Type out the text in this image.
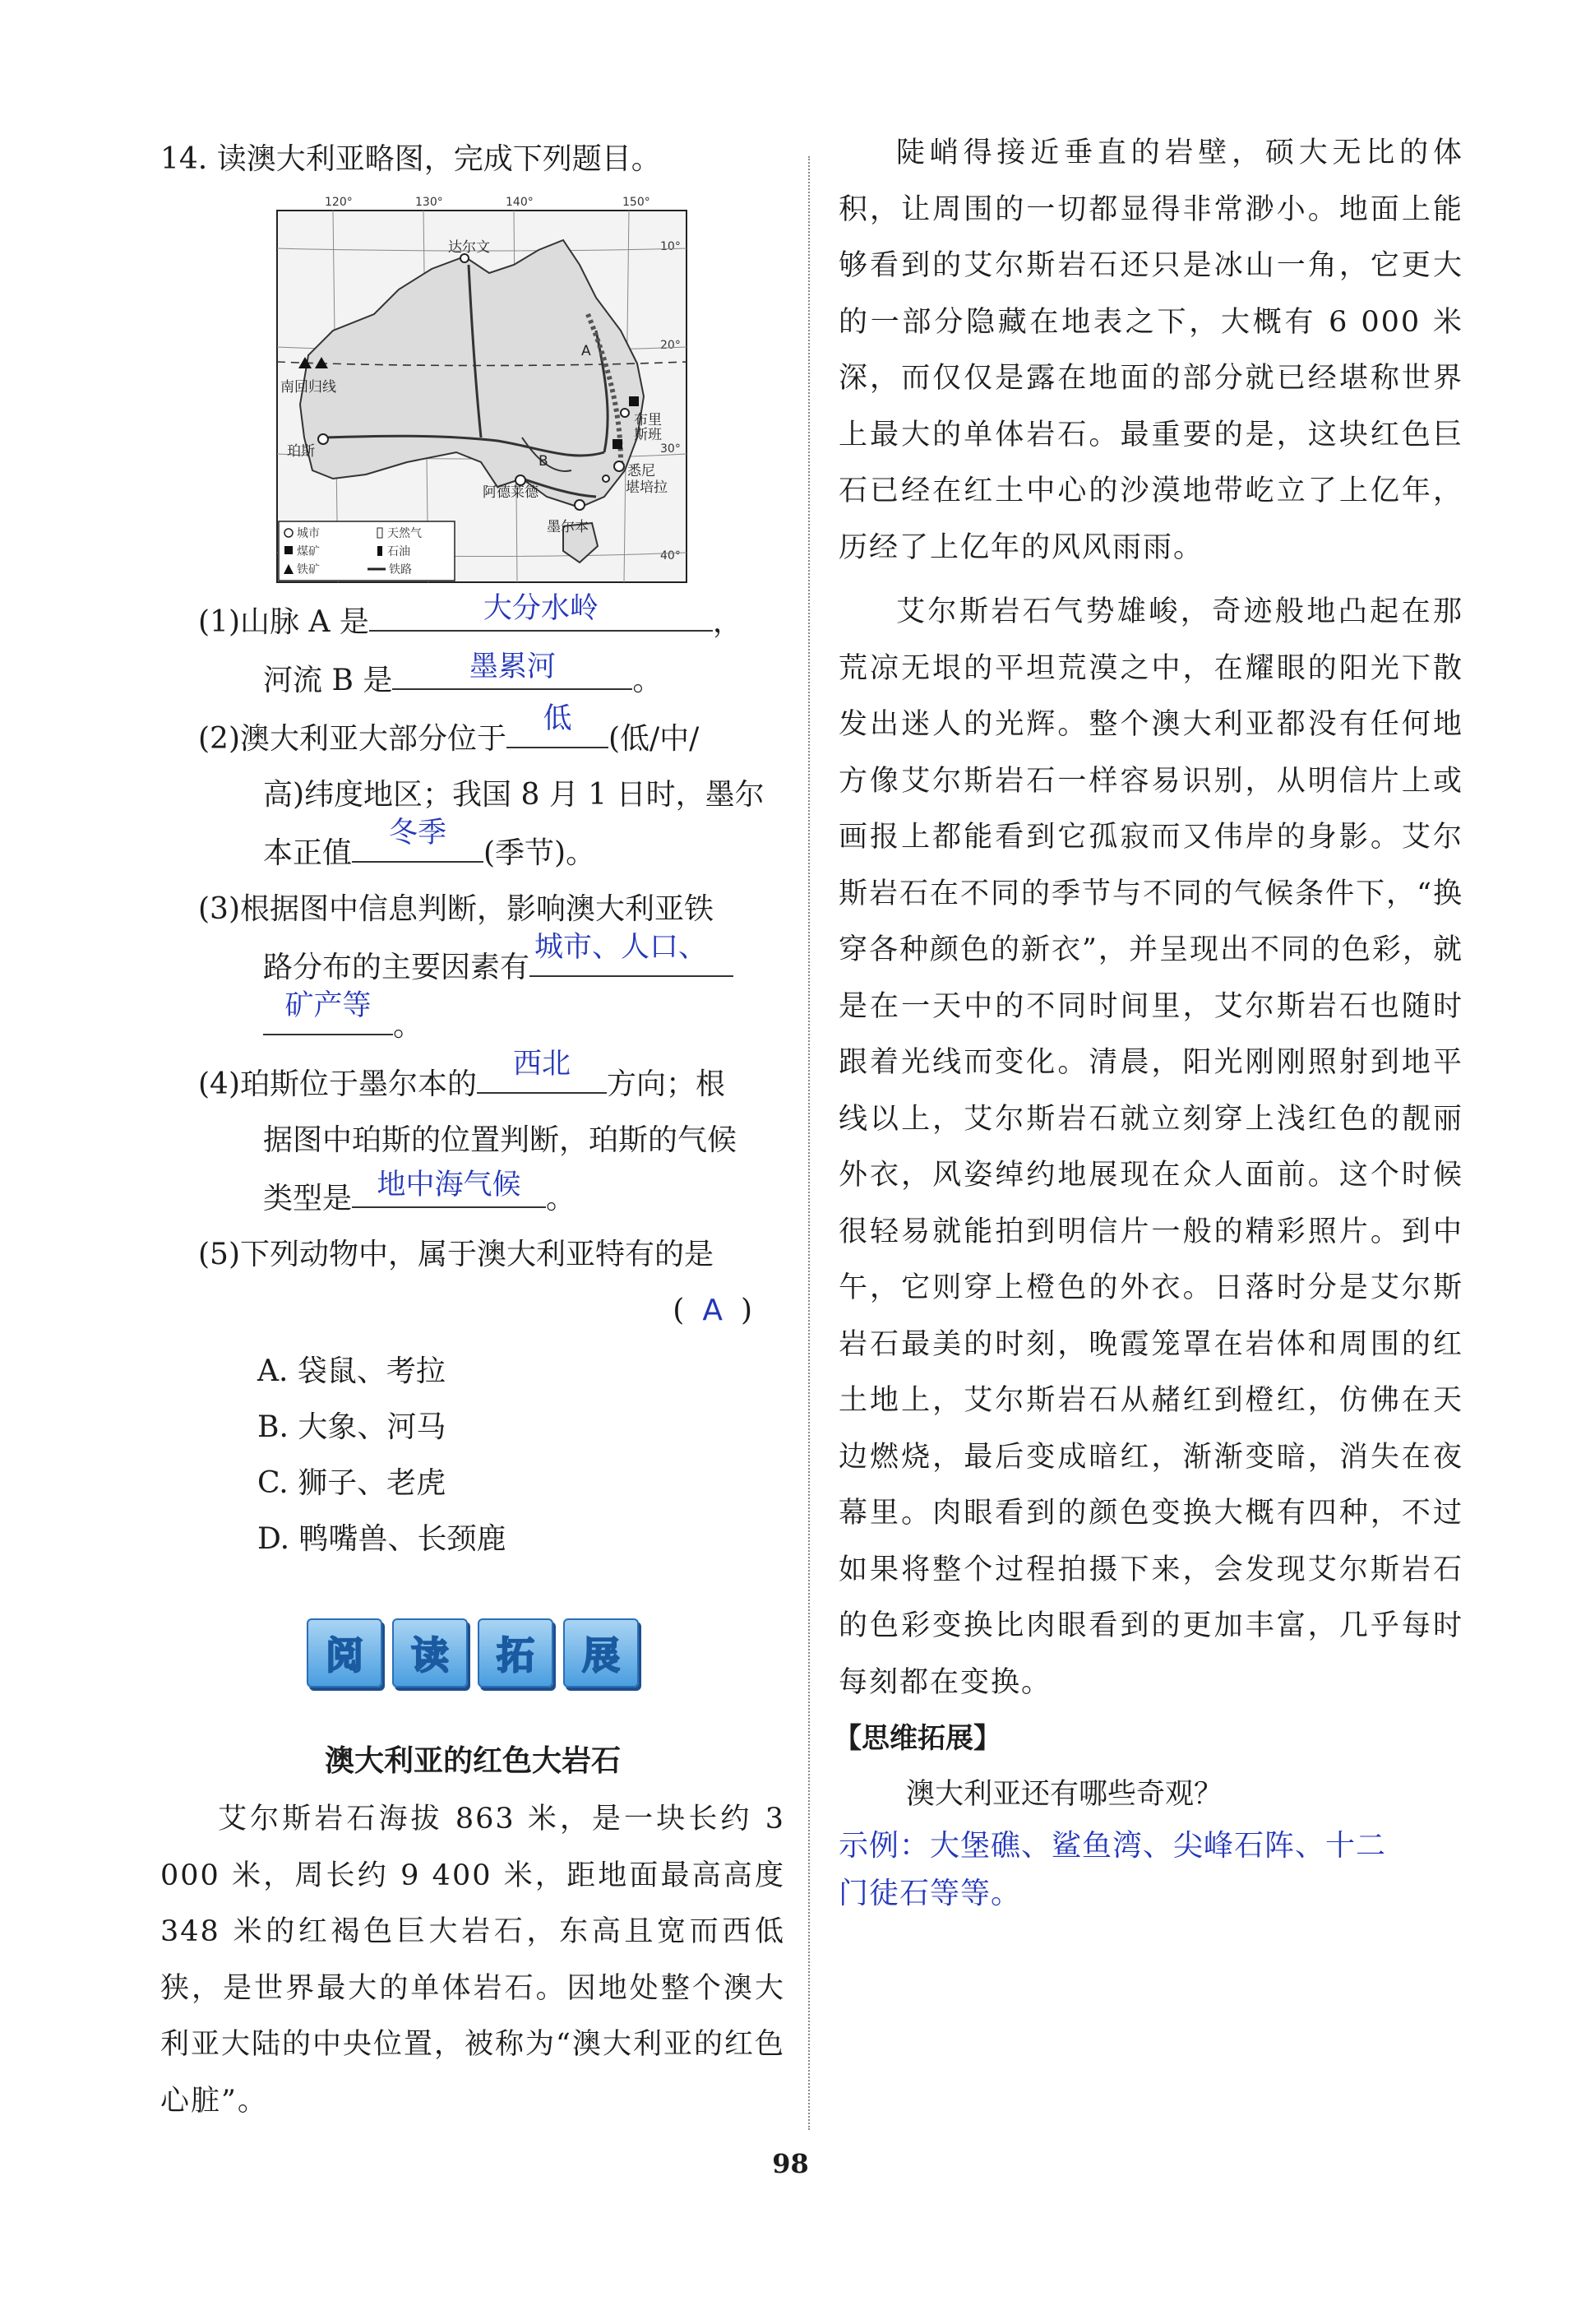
14. 读澳大利亚略图，完成下列题目。
120°	130°	140°	150°
10°
20°
30°
40°
达尔文
南回归线
珀斯
阿德莱德
墨尔本
布里
斯班
悉尼
堪培拉
A
B
城市	天然气
煤矿	石油
铁矿	铁路
(1)山脉 A 是	大分水岭	，
河流 B 是	墨累河	。
(2)澳大利亚大部分位于
低
(低/中/
高)纬度地区；我国 8 月 1 日时，墨尔
本正值
冬季
(季节)。
(3)根据图中信息判断，影响澳大利亚铁
路分布的主要因素有
城市、人口、
矿产等
。
(4)珀斯位于墨尔本的
西北
方向；根
据图中珀斯的位置判断，珀斯的气候
类型是 地中海气候 。
(5)下列动物中，属于澳大利亚特有的是
( A )
A. 袋鼠、考拉
B. 大象、河马
C. 狮子、老虎
D. 鸭嘴兽、长颈鹿
阅	读	拓	展
澳大利亚的红色大岩石

艾尔斯岩石海拔 863 米，是一块长约 3 000 米，周长约 9 400 米，距地面最高高度 348 米的红褐色巨大岩石，东高且宽而西低狭，是世界最大的单体岩石。因地处整个澳大利亚大陆的中央位置，被称为“澳大利亚的红色心脏”。

陡峭得接近垂直的岩壁，硕大无比的体积，让周围的一切都显得非常渺小。地面上能够看到的艾尔斯岩石还只是冰山一角，它更大的一部分隐藏在地表之下，大概有 6 000 米深，而仅仅是露在地面的部分就已经堪称世界上最大的单体岩石。最重要的是，这块红色巨石已经在红土中心的沙漠地带屹立了上亿年，历经了上亿年的风风雨雨。

艾尔斯岩石气势雄峻，奇迹般地凸起在那荒凉无垠的平坦荒漠之中，在耀眼的阳光下散发出迷人的光辉。整个澳大利亚都没有任何地方像艾尔斯岩石一样容易识别，从明信片上或画报上都能看到它孤寂而又伟岸的身影。艾尔斯岩石在不同的季节与不同的气候条件下，“换穿各种颜色的新衣”，并呈现出不同的色彩，就是在一天中的不同时间里，艾尔斯岩石也随时跟着光线而变化。清晨，阳光刚刚照射到地平线以上，艾尔斯岩石就立刻穿上浅红色的靓丽外衣，风姿绰约地展现在众人面前。这个时候很轻易就能拍到明信片一般的精彩照片。到中午，它则穿上橙色的外衣。日落时分是艾尔斯岩石最美的时刻，晚霞笼罩在岩体和周围的红土地上，艾尔斯岩石从赭红到橙红，仿佛在天边燃烧，最后变成暗红，渐渐变暗，消失在夜幕里。肉眼看到的颜色变换大概有四种，不过如果将整个过程拍摄下来，会发现艾尔斯岩石的色彩变换比肉眼看到的更加丰富，几乎每时每刻都在变换。

【思维拓展】
澳大利亚还有哪些奇观？
示例：大堡礁、鲨鱼湾、尖峰石阵、十二
门徒石等等。
98
